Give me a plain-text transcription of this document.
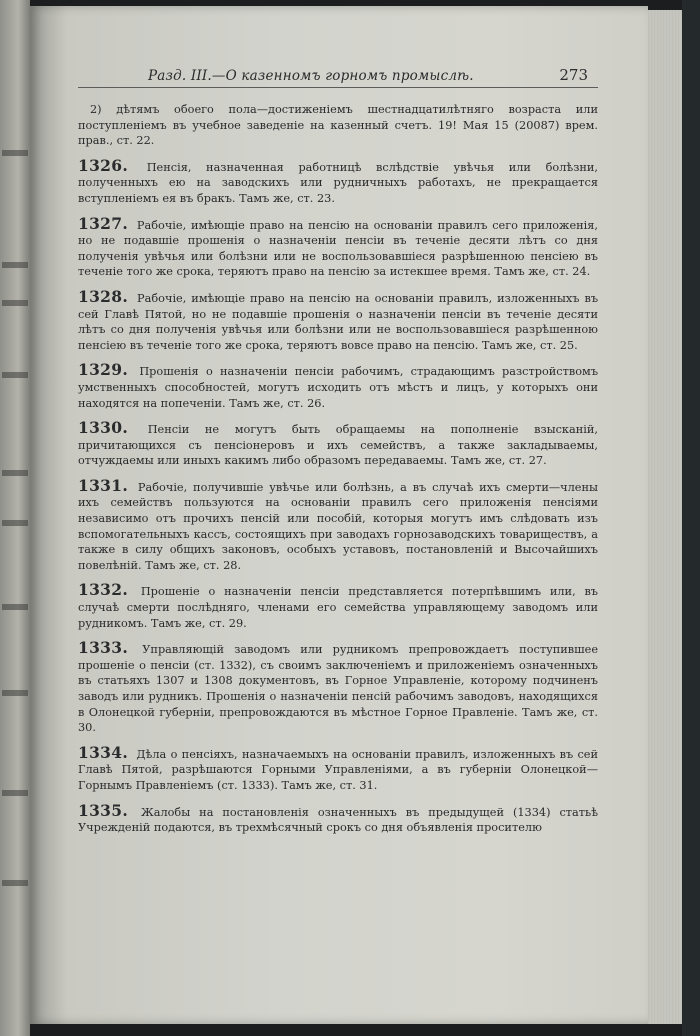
Разд. III.—О казенномъ горномъ промыслѣ.	273
2) дѣтямъ обоего пола—достиженіемъ шестнадцатилѣтняго возраста или поступленіемъ въ учебное заведеніе на казенный счетъ. 19! Мая 15 (20087) врем. прав., ст. 22.
1326. Пенсія, назначенная работницѣ вслѣдствіе увѣчья или болѣзни, полученныхъ ею на заводскихъ или рудничныхъ работахъ, не прекращается вступленіемъ ея въ бракъ. Тамъ же, ст. 23.
1327. Рабочіе, имѣющіе право на пенсію на основаніи правилъ сего приложенія, но не подавшіе прошенія о назначеніи пенсіи въ теченіе десяти лѣтъ со дня полученія увѣчья или болѣзни или не воспользовавшіеся разрѣшенною пенсіею въ теченіе того же срока, теряютъ право на пенсію за истекшее время. Тамъ же, ст. 24.
1328. Рабочіе, имѣющіе право на пенсію на основаніи правилъ, изложенныхъ въ сей Главѣ Пятой, но не подавшіе прошенія о назначеніи пенсіи въ теченіе десяти лѣтъ со дня полученія увѣчья или болѣзни или не воспользовавшіеся разрѣшенною пенсіею въ теченіе того же срока, теряютъ вовсе право на пенсію. Тамъ же, ст. 25.
1329. Прошенія о назначеніи пенсіи рабочимъ, страдающимъ разстройствомъ умственныхъ способностей, могутъ исходить отъ мѣстъ и лицъ, у которыхъ они находятся на попеченіи. Тамъ же, ст. 26.
1330. Пенсіи не могутъ быть обращаемы на пополненіе взысканій, причитающихся съ пенсіонеровъ и ихъ семействъ, а также закладываемы, отчуждаемы или иныхъ какимъ либо образомъ передаваемы. Тамъ же, ст. 27.
1331. Рабочіе, получившіе увѣчье или болѣзнь, а въ случаѣ ихъ смерти—члены ихъ семействъ пользуются на основаніи правилъ сего приложенія пенсіями независимо отъ прочихъ пенсій или пособій, которыя могутъ имъ слѣдовать изъ вспомогательныхъ кассъ, состоящихъ при заводахъ горнозаводскихъ товариществъ, а также в силу общихъ законовъ, особыхъ уставовъ, постановленій и Высочайшихъ повелѣній. Тамъ же, ст. 28.
1332. Прошеніе о назначеніи пенсіи представляется потерпѣвшимъ или, въ случаѣ смерти послѣдняго, членами его семейства управляющему заводомъ или рудникомъ. Тамъ же, ст. 29.
1333. Управляющій заводомъ или рудникомъ препровождаетъ поступившее прошеніе о пенсіи (ст. 1332), съ своимъ заключеніемъ и приложеніемъ означенныхъ въ статьяхъ 1307 и 1308 документовъ, въ Горное Управленіе, которому подчиненъ заводъ или рудникъ. Прошенія о назначеніи пенсій рабочимъ заводовъ, находящихся в Олонецкой губерніи, препровождаются въ мѣстное Горное Правленіе. Тамъ же, ст. 30.
1334. Дѣла о пенсіяхъ, назначаемыхъ на основаніи правилъ, изложенныхъ въ сей Главѣ Пятой, разрѣшаются Горными Управленіями, а въ губерніи Олонецкой—Горнымъ Правленіемъ (ст. 1333). Тамъ же, ст. 31.
1335. Жалобы на постановленія означенныхъ въ предыдущей (1334) статьѣ Учрежденій подаются, въ трехмѣсячный срокъ со дня объявленія просителю
